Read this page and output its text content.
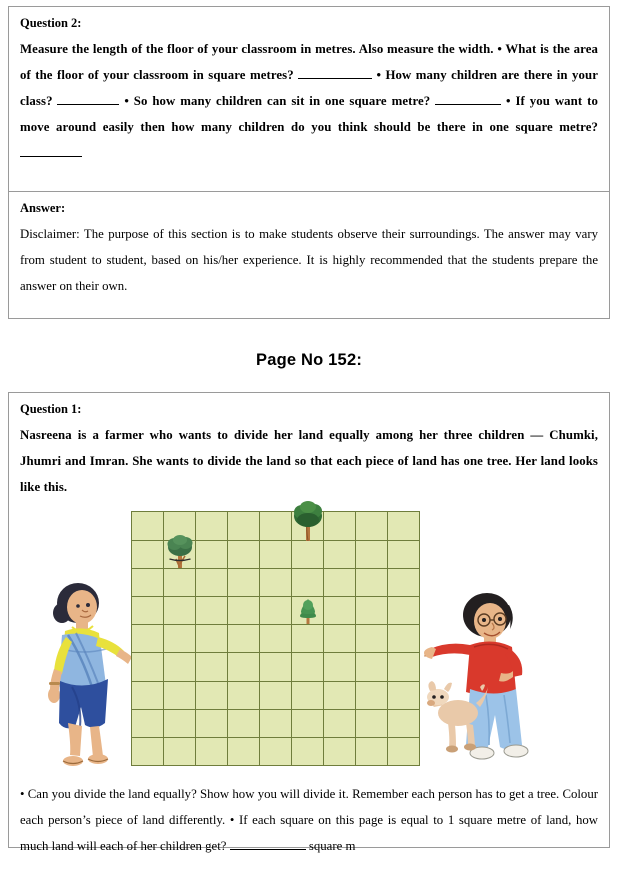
Question 2:

Measure the length of the floor of your classroom in metres. Also measure the width. • What is the area of the floor of your classroom in square metres?	• How many children are there in your class?	• So how many children can sit in one square metre?	• If you want to move around easily then how many children do you think should be there in one square metre?

Answer:

Disclaimer: The purpose of this section is to make students observe their surroundings. The answer may vary from student to student, based on his/her experience. It is highly recommended that the students prepare the answer on their own.

Page No 152:
Question 1:

Nasreena is a farmer who wants to divide her land equally among her three children — Chumki, Jhumri and Imran. She wants to divide the land so that each piece of land has one tree. Her land looks like this.

• Can you divide the land equally? Show how you will divide it. Remember each person has to get a tree. Colour each person’s piece of land differently. • If each square on this page is equal to 1 square metre of land, how much land will each of her children get?	square m
